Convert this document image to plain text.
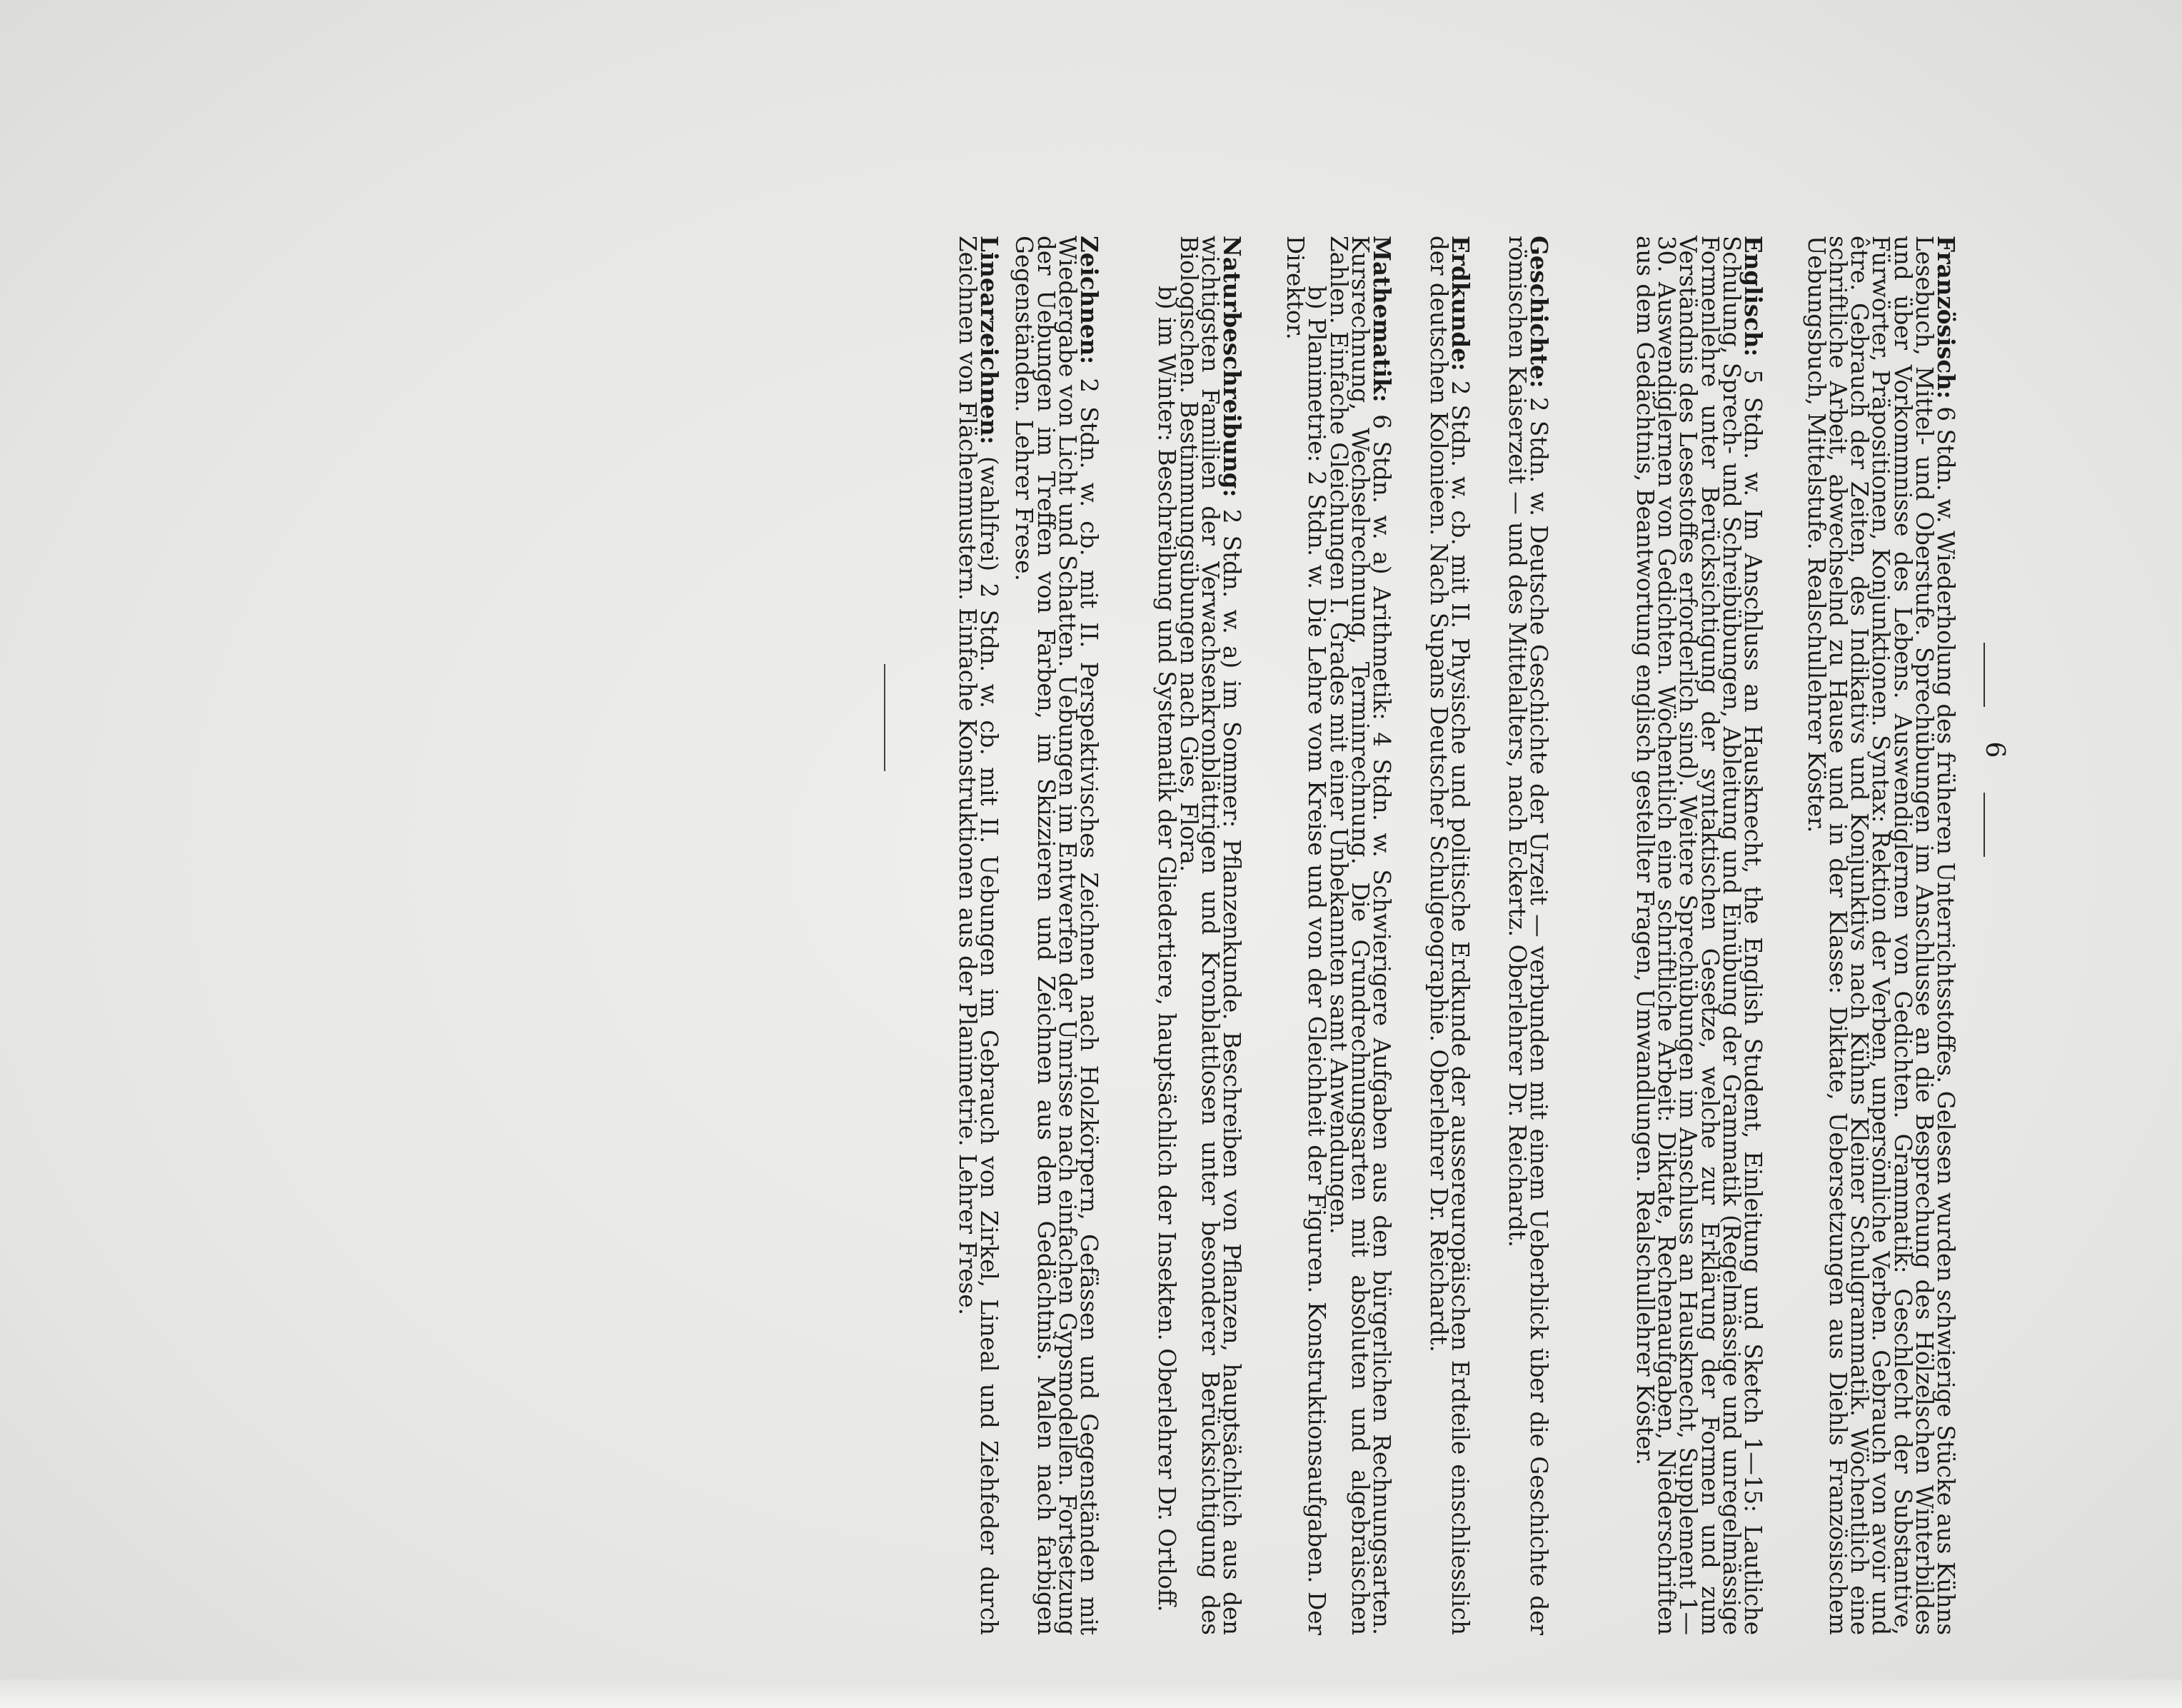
6

Französisch: 6 Stdn. w. Wiederholung des früheren Unterrichtsstoffes. Gelesen wurden schwierige Stücke aus Kühns Lesebuch, Mittel- und Oberstufe. Sprechübungen im Anschlusse an die Besprechung des Hölzelschen Winterbildes und über Vorkommnisse des Lebens. Auswendiglernen von Gedichten. Grammatik: Geschlecht der Substantive, Fürwörter, Präpositionen, Konjunktionen. Syntax: Rektion der Verben, unpersönliche Verben. Gebrauch von avoir und être. Gebrauch der Zeiten, des Indikativs und Konjunktivs nach Kühns Kleiner Schulgrammatik. Wöchentlich eine schriftliche Arbeit, abwechselnd zu Hause und in der Klasse: Diktate, Uebersetzungen aus Diehls Französischem Uebungsbuch, Mittelstufe. Realschullehrer Köster.

Englisch: 5 Stdn. w. Im Anschluss an Hausknecht, the English Student, Einleitung und Sketch 1—15: Lautliche Schulung, Sprech- und Schreibübungen, Ableitung und Einübung der Grammatik (Regelmässige und unregelmässige Formenlehre unter Berücksichtigung der syntaktischen Gesetze, welche zur Erklärung der Formen und zum Verständnis des Lesestoffes erforderlich sind). Weitere Sprechübungen im Anschluss an Hausknecht, Supplement 1—30. Auswendiglernen von Gedichten. Wöchentlich eine schriftliche Arbeit: Diktate, Rechenaufgaben, Niederschriften aus dem Gedächtnis, Beantwortung englisch gestellter Fragen, Umwandlungen. Realschullehrer Köster.

Geschichte: 2 Stdn. w. Deutsche Geschichte der Urzeit — verbunden mit einem Ueberblick über die Geschichte der römischen Kaiserzeit — und des Mittelalters, nach Eckertz. Oberlehrer Dr. Reichardt.

Erdkunde: 2 Stdn. w. cb. mit II. Physische und politische Erdkunde der aussereuropäischen Erdteile einschliesslich der deutschen Kolonieen. Nach Supans Deutscher Schulgeographie. Oberlehrer Dr. Reichardt.

Mathematik: 6 Stdn. w. a) Arithmetik: 4 Stdn. w. Schwierigere Aufgaben aus den bürgerlichen Rechnungsarten. Kursrechnung, Wechselrechnung, Terminrechnung. Die Grundrechnungsarten mit absoluten und algebraischen Zahlen. Einfache Gleichungen I. Grades mit einer Unbekannten samt Anwendungen.

b) Planimetrie: 2 Stdn. w. Die Lehre vom Kreise und von der Gleichheit der Figuren. Konstruktionsaufgaben. Der Direktor.

Naturbeschreibung: 2 Stdn. w. a) im Sommer: Pflanzenkunde. Beschreiben von Pflanzen, hauptsächlich aus den wichtigsten Familien der Verwachsenkronblättrigen und Kronblattlosen unter besonderer Berücksichtigung des Biologischen. Bestimmungsübungen nach Gies, Flora.

b) im Winter: Beschreibung und Systematik der Gliedertiere, hauptsächlich der Insekten. Oberlehrer Dr. Ortloff.

Zeichnen: 2 Stdn. w. cb. mit II. Perspektivisches Zeichnen nach Holzkörpern, Gefässen und Gegenständen mit Wiedergabe von Licht und Schatten. Uebungen im Entwerfen der Umrisse nach einfachen Gypsmodellen. Fortsetzung der Uebungen im Treffen von Farben, im Skizzieren und Zeichnen aus dem Gedächtnis. Malen nach farbigen Gegenständen. Lehrer Frese.

Linearzeichnen: (wahlfrei) 2 Stdn. w. cb. mit II. Uebungen im Gebrauch von Zirkel, Lineal und Ziehfeder durch Zeichnen von Flächenmustern. Einfache Konstruktionen aus der Planimetrie. Lehrer Frese.
